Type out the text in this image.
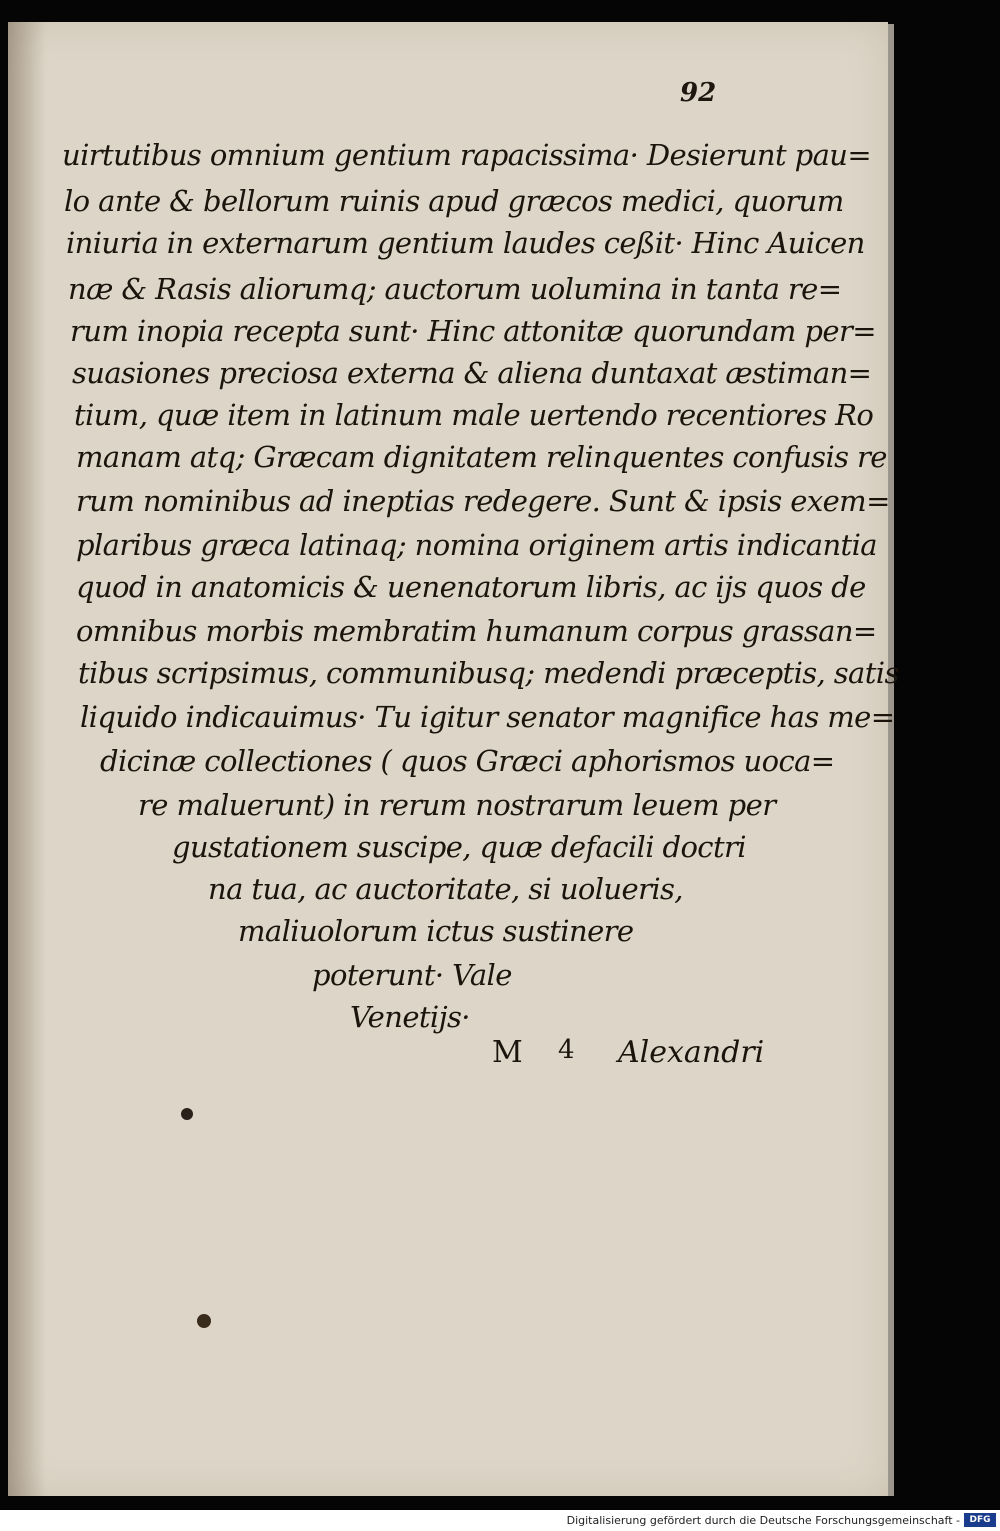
92
uirtutibus omnium gentium rapacissima· Desierunt pau=
lo ante & bellorum ruinis apud græcos medici, quorum
iniuria in externarum gentium laudes ceßit· Hinc Auicen
næ & Rasis aliorumq; auctorum uolumina in tanta re=
rum inopia recepta sunt· Hinc attonitæ quorundam per=
suasiones preciosa externa & aliena duntaxat æstiman=
tium, quæ item in latinum male uertendo recentiores Ro
manam atq; Græcam dignitatem relinquentes confusis re
rum nominibus ad ineptias redegere. Sunt & ipsis exem=
plaribus græca latinaq; nomina originem artis indicantia
quod in anatomicis & uenenatorum libris, ac ijs quos de
omnibus morbis membratim humanum corpus grassan=
tibus scripsimus, communibusq; medendi præceptis, satis
liquido indicauimus· Tu igitur senator magnifice has me=
dicinæ collectiones ( quos Græci aphorismos uoca=
re maluerunt) in rerum nostrarum leuem per
gustationem suscipe, quæ defacili doctri
na tua, ac auctoritate, si uolueris,
maliuolorum ictus sustinere
poterunt· Vale
Venetijs·
M 4 Alexandri
Digitalisierung gefördert durch die Deutsche Forschungsgemeinschaft -	DFG
